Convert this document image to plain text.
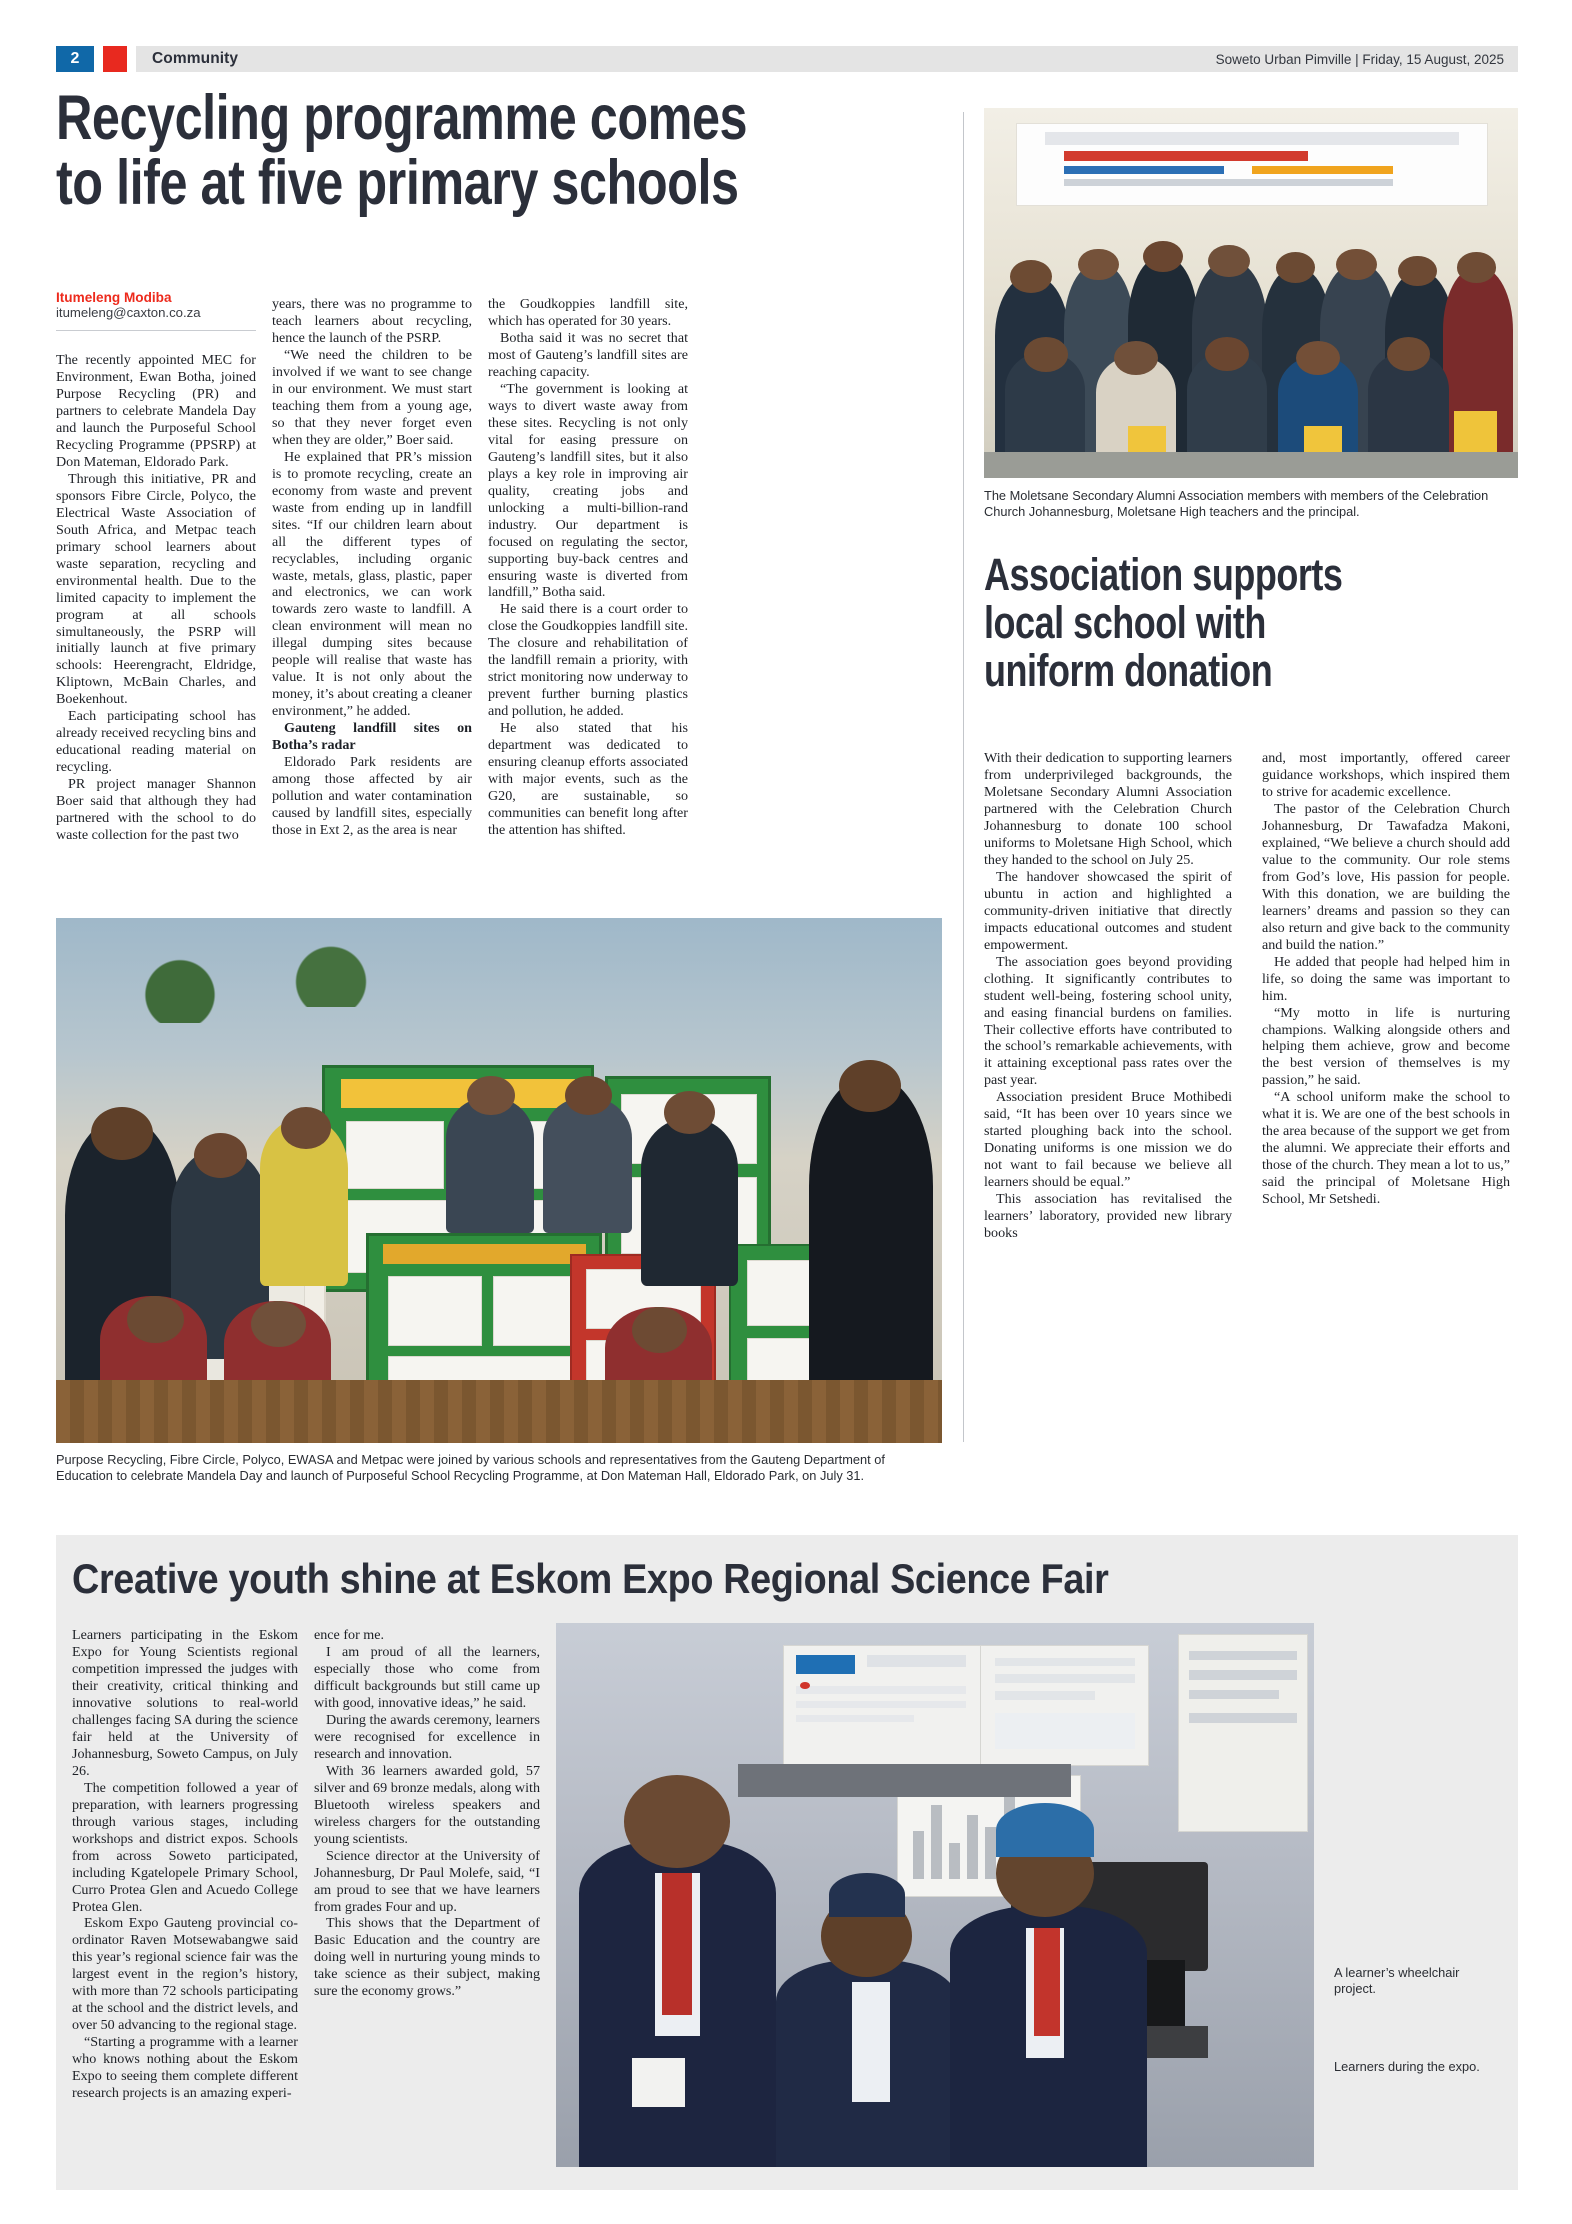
2	Community	Soweto Urban Pimville | Friday, 15 August, 2025
Recycling programme comes
to life at five primary schools
Itumeleng Modiba
itumeleng@caxton.co.za

The recently appointed MEC for Environment, Ewan Botha, joined Purpose Recycling (PR) and partners to celebrate Mandela Day and launch the Purposeful School Recycling Programme (PPSRP) at Don Mateman, Eldorado Park.

Through this initiative, PR and sponsors Fibre Circle, Polyco, the Electrical Waste Association of South Africa, and Metpac teach primary school learners about waste separation, recycling and environmental health. Due to the limited capacity to implement the program at all schools simultaneously, the PSRP will initially launch at five primary schools: Heerengracht, Eldridge, Kliptown, McBain Charles, and Boekenhout.

Each participating school has already received recycling bins and educational reading material on recycling.

PR project manager Shannon Boer said that although they had partnered with the school to do waste collection for the past two

years, there was no programme to teach learners about recycling, hence the launch of the PSRP.

“We need the children to be involved if we want to see change in our environment. We must start teaching them from a young age, so that they never forget even when they are older,” Boer said.

He explained that PR’s mission is to promote recycling, create an economy from waste and prevent waste from ending up in landfill sites. “If our children learn about all the different types of recyclables, including organic waste, metals, glass, plastic, paper and electronics, we can work towards zero waste to landfill. A clean environment will mean no illegal dumping sites because people will realise that waste has value. It is not only about the money, it’s about creating a cleaner environment,” he added.

Gauteng landfill sites on Botha’s radar

Eldorado Park residents are among those affected by air pollution and water contamination caused by landfill sites, especially those in Ext 2, as the area is near

the Goudkoppies landfill site, which has operated for 30 years.

Botha said it was no secret that most of Gauteng’s landfill sites are reaching capacity.

“The government is looking at ways to divert waste away from these sites. Recycling is not only vital for easing pressure on Gauteng’s landfill sites, but it also plays a key role in improving air quality, creating jobs and unlocking a multi-billion-rand industry. Our department is focused on regulating the sector, supporting buy-back centres and ensuring waste is diverted from landfill,” Botha said.

He said there is a court order to close the Goudkoppies landfill site. The closure and rehabilitation of the landfill remain a priority, with strict monitoring now underway to prevent further burning plastics and pollution, he added.

He also stated that his department was dedicated to ensuring cleanup efforts associated with major events, such as the G20, are sustainable, so communities can benefit long after the attention has shifted.

The Moletsane Secondary Alumni Association members with members of the Celebration Church Johannesburg, Moletsane High teachers and the principal.
Association supports
local school with
uniform donation

With their dedication to supporting learners from underprivileged backgrounds, the Moletsane Secondary Alumni Association partnered with the Celebration Church Johannesburg to donate 100 school uniforms to Moletsane High School, which they handed to the school on July 25.

The handover showcased the spirit of ubuntu in action and highlighted a community-driven initiative that directly impacts educational outcomes and student empowerment.

The association goes beyond providing clothing. It significantly contributes to student well-being, fostering school unity, and easing financial burdens on families. Their collective efforts have contributed to the school’s remarkable achievements, with it attaining exceptional pass rates over the past year.

Association president Bruce Mothibedi said, “It has been over 10 years since we started ploughing back into the school. Donating uniforms is one mission we do not want to fail because we believe all learners should be equal.”

This association has revitalised the learners’ laboratory, provided new library books

and, most importantly, offered career guidance workshops, which inspired them to strive for academic excellence.

The pastor of the Celebration Church Johannesburg, Dr Tawafadza Makoni, explained, “We believe a church should add value to the community. Our role stems from God’s love, His passion for people. With this donation, we are building the learners’ dreams and passion so they can also return and give back to the community and build the nation.”

He added that people had helped him in life, so doing the same was important to him.

“My motto in life is nurturing champions. Walking alongside others and helping them achieve, grow and become the best version of themselves is my passion,” he said.

“A school uniform make the school to what it is. We are one of the best schools in the area because of the support we get from the alumni. We appreciate their efforts and those of the church. They mean a lot to us,” said the principal of Moletsane High School, Mr Setshedi.

Purpose Recycling, Fibre Circle, Polyco, EWASA and Metpac were joined by various schools and representatives from the Gauteng Department of Education to celebrate Mandela Day and launch of Purposeful School Recycling Programme, at Don Mateman Hall, Eldorado Park, on July 31.
Creative youth shine at Eskom Expo Regional Science Fair

Learners participating in the Eskom Expo for Young Scientists regional competition impressed the judges with their creativity, critical thinking and innovative solutions to real-world challenges facing SA during the science fair held at the University of Johannesburg, Soweto Campus, on July 26.

The competition followed a year of preparation, with learners progressing through various stages, including workshops and district expos. Schools from across Soweto participated, including Kgatelopele Primary School, Curro Protea Glen and Acuedo College Protea Glen.

Eskom Expo Gauteng provincial co-ordinator Raven Motsewabangwe said this year’s regional science fair was the largest event in the region’s history, with more than 72 schools participating at the school and the district levels, and over 50 advancing to the regional stage.

“Starting a programme with a learner who knows nothing about the Eskom Expo to seeing them complete different research projects is an amazing experi-

ence for me.

I am proud of all the learners, especially those who come from difficult backgrounds but still came up with good, innovative ideas,” he said.

During the awards ceremony, learners were recognised for excellence in research and innovation.

With 36 learners awarded gold, 57 silver and 69 bronze medals, along with Bluetooth wireless speakers and wireless chargers for the outstanding young scientists.

Science director at the University of Johannesburg, Dr Paul Molefe, said, “I am proud to see that we have learners from grades Four and up.

This shows that the Department of Basic Education and the country are doing well in nurturing young minds to take science as their subject, making sure the economy grows.”

A learner’s wheelchair project.
Learners during the expo.
